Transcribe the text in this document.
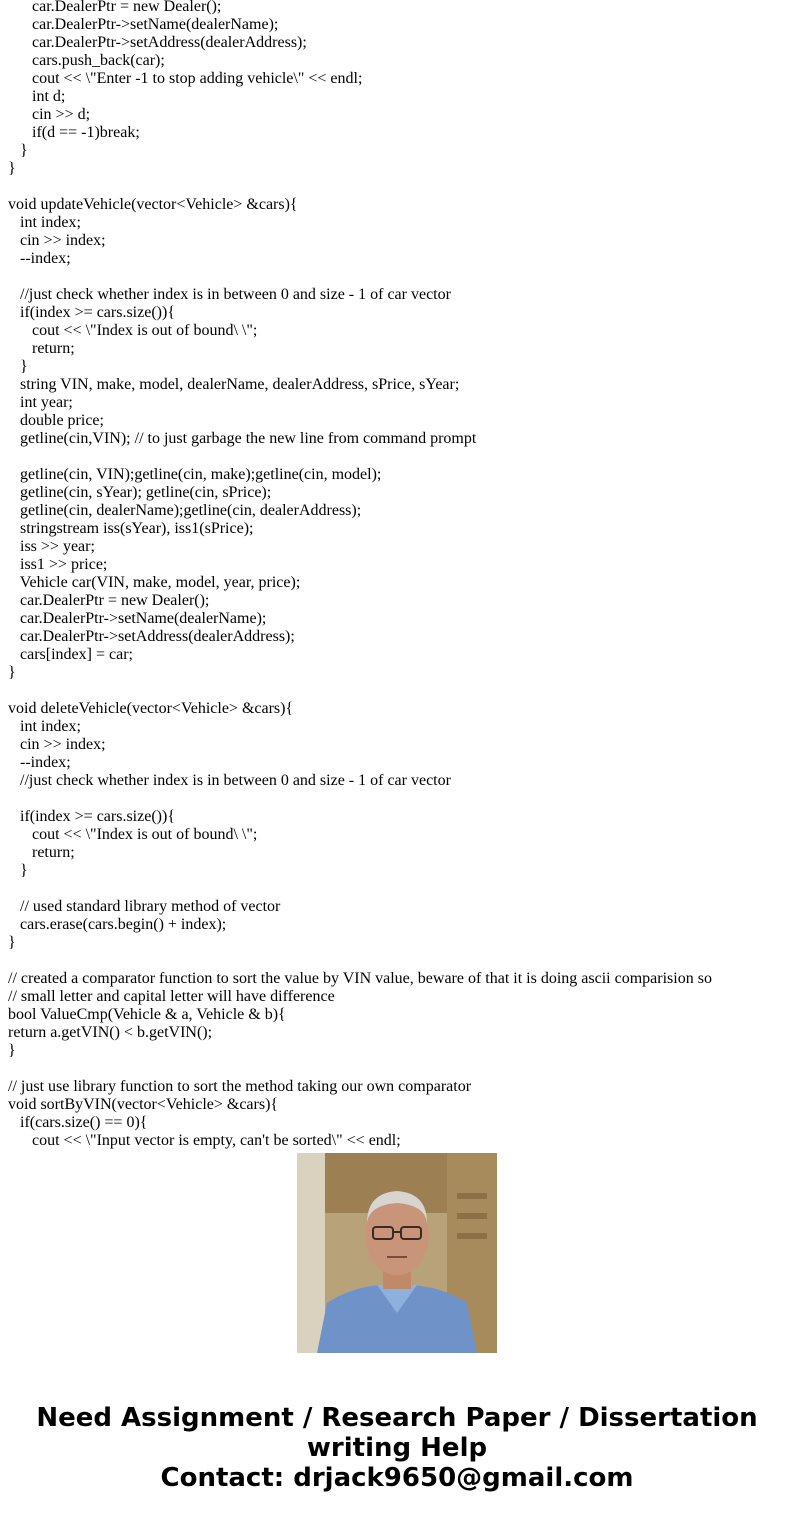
car.DealerPtr = new Dealer();
car.DealerPtr->setName(dealerName);
car.DealerPtr->setAddress(dealerAddress);
cars.push_back(car);
cout << \"Enter -1 to stop adding vehicle\" << endl;
int d;
cin >> d;
if(d == -1)break;
}
}

void updateVehicle(vector<Vehicle> &cars){
int index;
cin >> index;
--index;

//just check whether index is in between 0 and size - 1 of car vector
if(index >= cars.size()){
cout << \"Index is out of bound\ \";
return;
}
string VIN, make, model, dealerName, dealerAddress, sPrice, sYear;
int year;
double price;
getline(cin,VIN); // to just garbage the new line from command prompt

getline(cin, VIN);getline(cin, make);getline(cin, model);
getline(cin, sYear); getline(cin, sPrice);
getline(cin, dealerName);getline(cin, dealerAddress);
stringstream iss(sYear), iss1(sPrice);
iss >> year;
iss1 >> price;
Vehicle car(VIN, make, model, year, price);
car.DealerPtr = new Dealer();
car.DealerPtr->setName(dealerName);
car.DealerPtr->setAddress(dealerAddress);
cars[index] = car;
}

void deleteVehicle(vector<Vehicle> &cars){
int index;
cin >> index;
--index;
//just check whether index is in between 0 and size - 1 of car vector

if(index >= cars.size()){
cout << \"Index is out of bound\ \";
return;
}

// used standard library method of vector
cars.erase(cars.begin() + index);
}

// created a comparator function to sort the value by VIN value, beware of that it is doing ascii comparision so
// small letter and capital letter will have difference
bool ValueCmp(Vehicle & a, Vehicle & b){
return a.getVIN() < b.getVIN();
}

// just use library function to sort the method taking our own comparator
void sortByVIN(vector<Vehicle> &cars){
if(cars.size() == 0){
cout << \"Input vector is empty, can't be sorted\" << endl;
Need Assignment / Research Paper / Dissertation
writing Help
Contact: drjack9650@gmail.com
